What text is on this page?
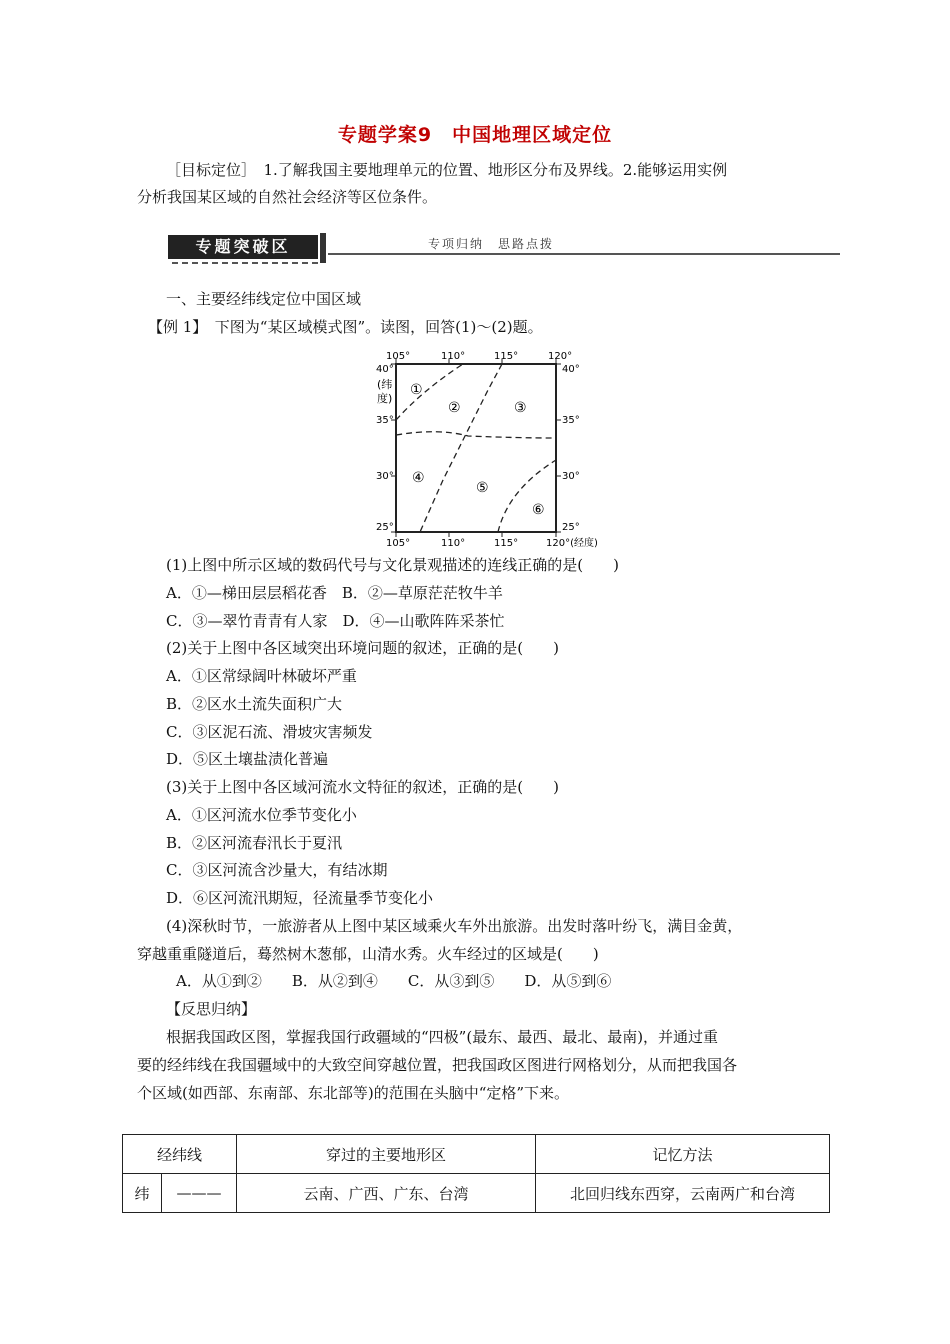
专题学案9　中国地理区域定位
［目标定位］　1.了解我国主要地理单元的位置、地形区分布及界线。2.能够运用实例
分析我国某区域的自然社会经济等区位条件。
专题突破区	专项归纳　思路点拨
一、主要经纬线定位中国区域
【例 1】　下图为“某区域模式图”。读图，回答(1)～(2)题。
105°	110°	115°	120°
105°	110°	115°	120°(经度)
40°
35°
30°
25°
40°
35°
30°
25°
(纬
度)
①
②	③
④
⑤
⑥
(1)上图中所示区域的数码代号与文化景观描述的连线正确的是(　　)
A．①—梯田层层稻花香　B．②—草原茫茫牧牛羊
C．③—翠竹青青有人家　D．④—山歌阵阵采茶忙
(2)关于上图中各区域突出环境问题的叙述，正确的是(　　)
A．①区常绿阔叶林破坏严重
B．②区水土流失面积广大
C．③区泥石流、滑坡灾害频发
D．⑤区土壤盐渍化普遍
(3)关于上图中各区域河流水文特征的叙述，正确的是(　　)
A．①区河流水位季节变化小
B．②区河流春汛长于夏汛
C．③区河流含沙量大，有结冰期
D．⑥区河流汛期短，径流量季节变化小
(4)深秋时节，一旅游者从上图中某区域乘火车外出旅游。出发时落叶纷飞，满目金黄，
穿越重重隧道后，蓦然树木葱郁，山清水秀。火车经过的区域是(　　)
A．从①到②　　B．从②到④　　C．从③到⑤　　D．从⑤到⑥
【反思归纳】
根据我国政区图，掌握我国行政疆域的“四极”(最东、最西、最北、最南)，并通过重
要的经纬线在我国疆域中的大致空间穿越位置，把我国政区图进行网格划分，从而把我国各
个区域(如西部、东南部、东北部等)的范围在头脑中“定格”下来。
经纬线		穿过的主要地形区	记忆方法
纬	———	云南、广西、广东、台湾	北回归线东西穿，云南两广和台湾
